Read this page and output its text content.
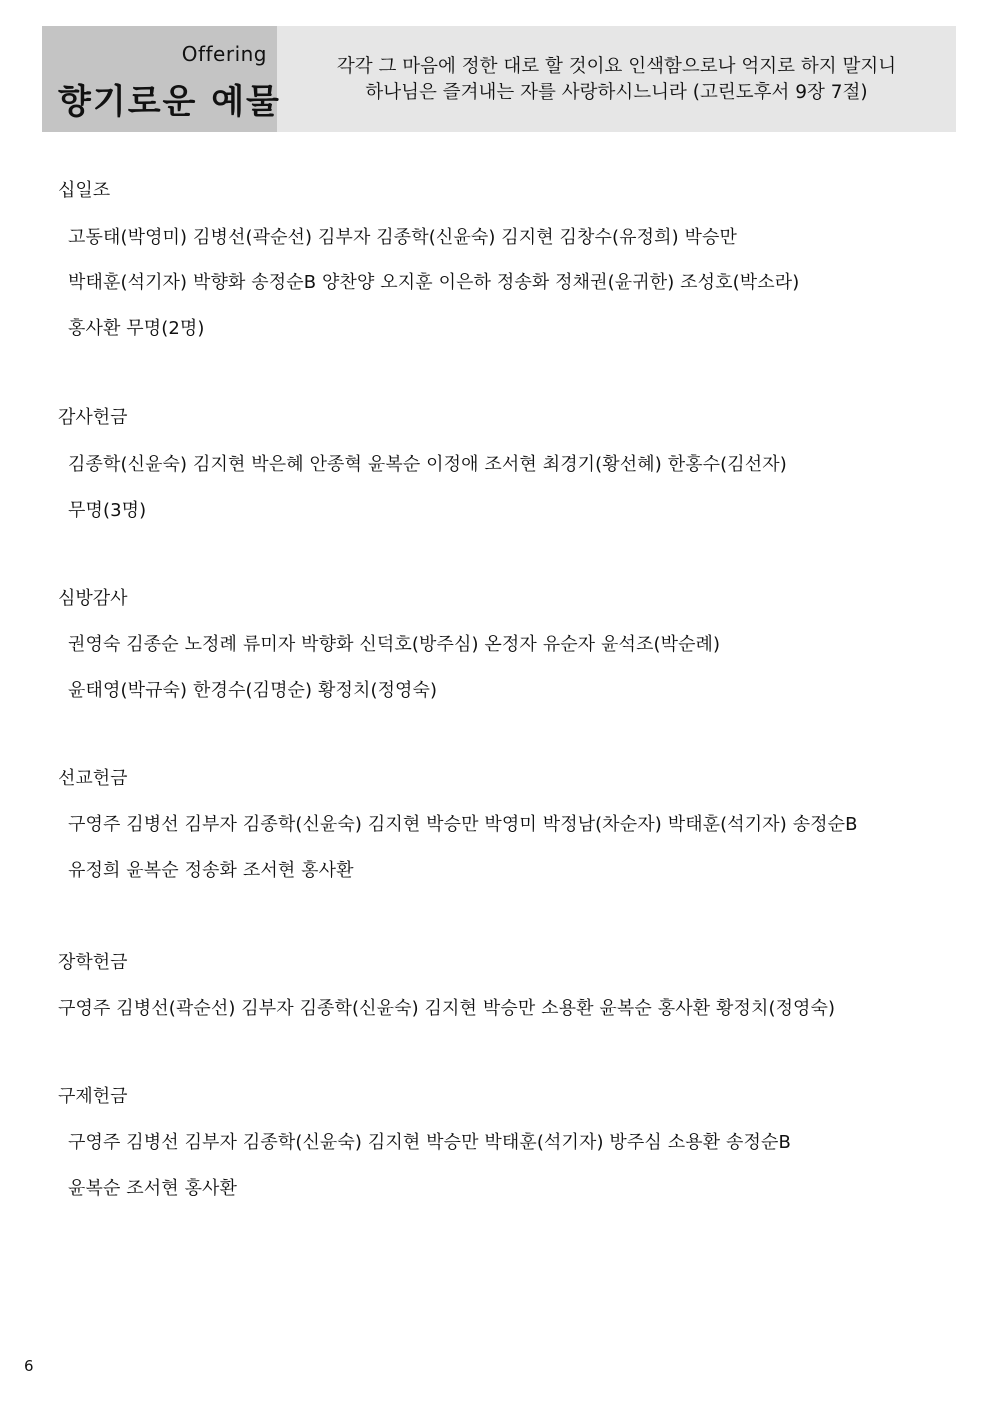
Offering
향기로운 예물
각각 그 마음에 정한 대로 할 것이요 인색함으로나 억지로 하지 말지니
하나님은 즐겨내는 자를 사랑하시느니라 (고린도후서 9장 7절)
십일조
고동태(박영미) 김병선(곽순선) 김부자 김종학(신윤숙) 김지현 김창수(유정희) 박승만
박태훈(석기자) 박향화 송정순B 양찬양 오지훈 이은하 정송화 정채권(윤귀한) 조성호(박소라)
홍사환 무명(2명)
감사헌금
김종학(신윤숙) 김지현 박은혜 안종혁 윤복순 이정애 조서현 최경기(황선혜) 한홍수(김선자)
무명(3명)
심방감사
권영숙 김종순 노정례 류미자 박향화 신덕호(방주심) 온정자 유순자 윤석조(박순례)
윤태영(박규숙) 한경수(김명순) 황정치(정영숙)
선교헌금
구영주 김병선 김부자 김종학(신윤숙) 김지현 박승만 박영미 박정남(차순자) 박태훈(석기자) 송정순B
유정희 윤복순 정송화 조서현 홍사환
장학헌금
구영주 김병선(곽순선) 김부자 김종학(신윤숙) 김지현 박승만 소용환 윤복순 홍사환 황정치(정영숙)
구제헌금
구영주 김병선 김부자 김종학(신윤숙) 김지현 박승만 박태훈(석기자) 방주심 소용환 송정순B
윤복순 조서현 홍사환
6
